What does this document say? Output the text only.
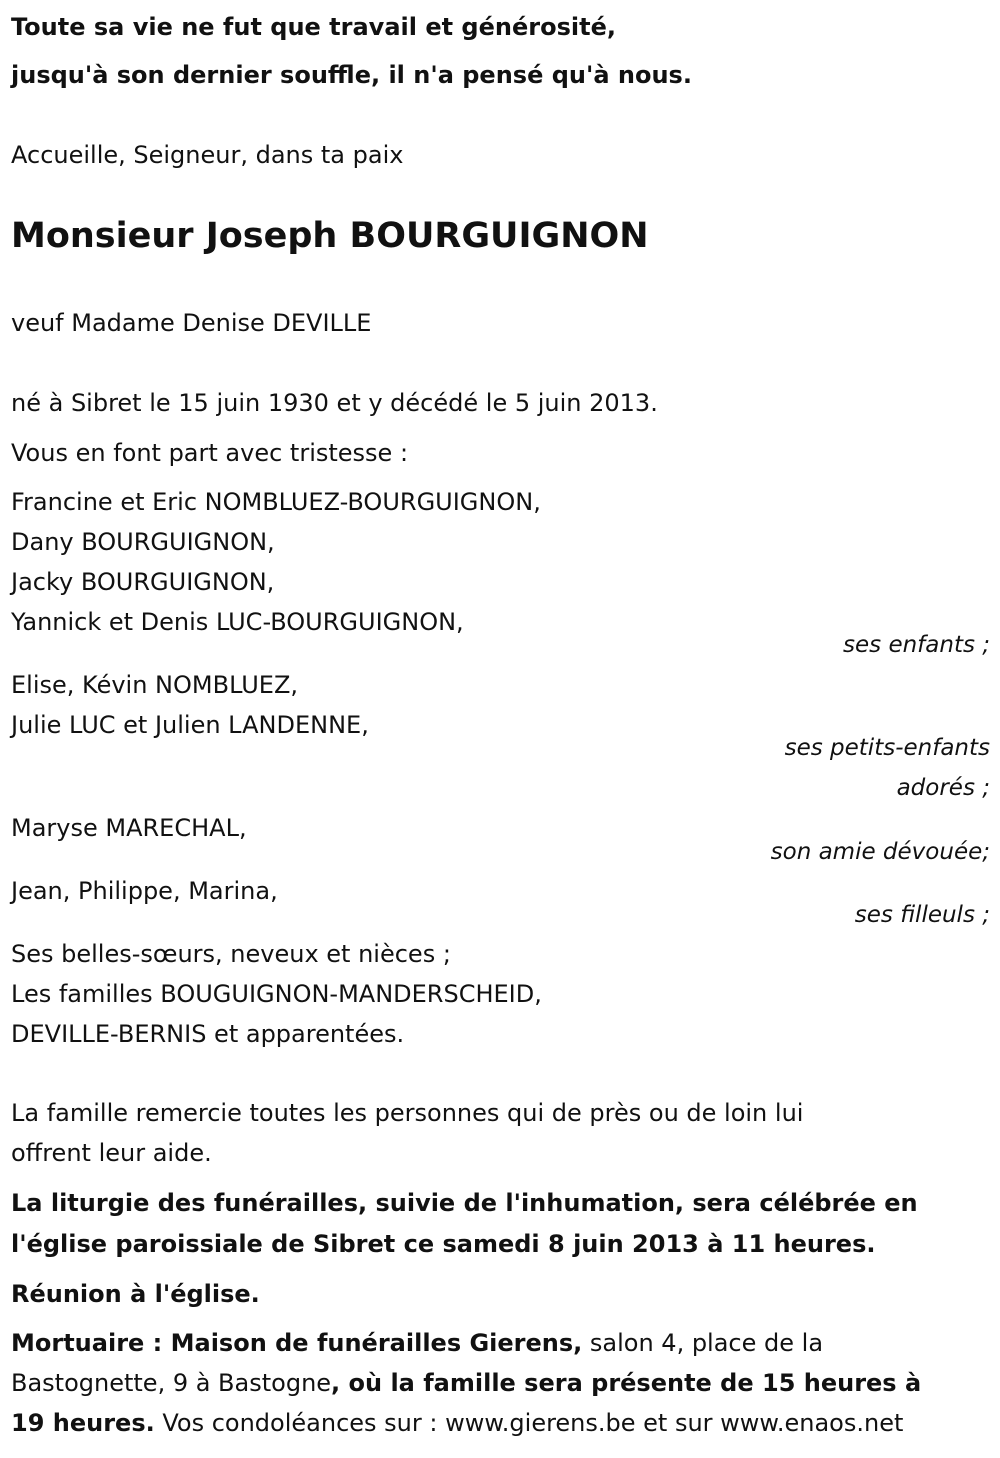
Toute sa vie ne fut que travail et générosité,

jusqu'à son dernier souffle, il n'a pensé qu'à nous.

Accueille, Seigneur, dans ta paix

Monsieur Joseph BOURGUIGNON

veuf Madame Denise DEVILLE

né à Sibret le 15 juin 1930 et y décédé le 5 juin 2013.

Vous en font part avec tristesse :

Francine et Eric NOMBLUEZ-BOURGUIGNON,

Dany BOURGUIGNON,

Jacky BOURGUIGNON,

Yannick et Denis LUC-BOURGUIGNON,

ses enfants ;

Elise, Kévin NOMBLUEZ,

Julie LUC et Julien LANDENNE,

ses petits-enfants

adorés ;

Maryse MARECHAL,

son amie dévouée;

Jean, Philippe, Marina,

ses filleuls ;

Ses belles-sœurs, neveux et nièces ;

Les familles BOUGUIGNON-MANDERSCHEID,

DEVILLE-BERNIS et apparentées.

La famille remercie toutes les personnes qui de près ou de loin lui

offrent leur aide.

La liturgie des funérailles, suivie de l'inhumation, sera célébrée en

l'église paroissiale de Sibret ce samedi 8 juin 2013 à 11 heures.

Réunion à l'église.

Mortuaire : Maison de funérailles Gierens, salon 4, place de la

Bastognette, 9 à Bastogne, où la famille sera présente de 15 heures à

19 heures. Vos condoléances sur : www.gierens.be et sur www.enaos.net
